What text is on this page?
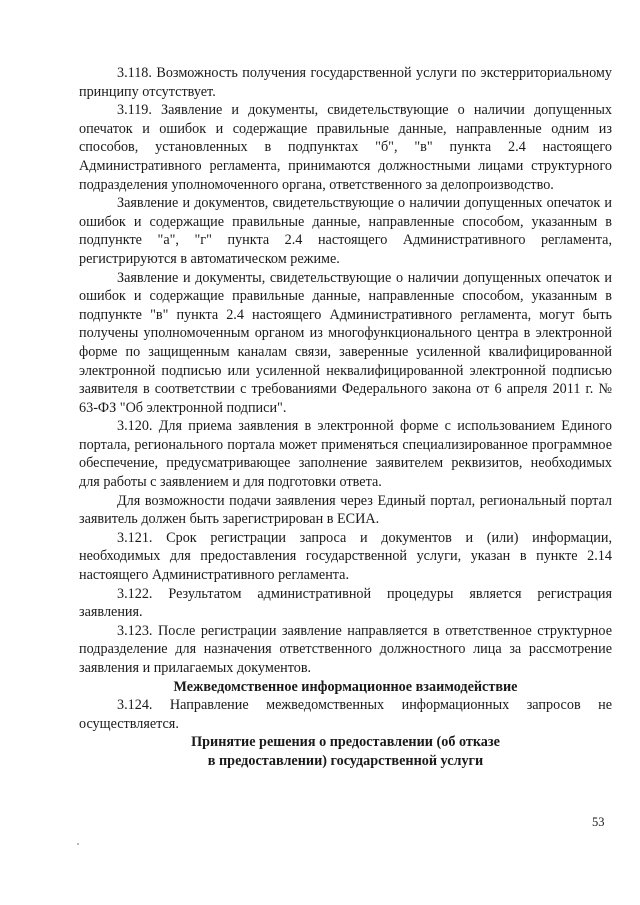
3.118. Возможность получения государственной услуги по экстерриториальному принципу отсутствует.

3.119. Заявление и документы, свидетельствующие о наличии допущенных опечаток и ошибок и содержащие правильные данные, направленные одним из способов, установленных в подпунктах "б", "в" пункта 2.4 настоящего Административного регламента, принимаются должностными лицами структурного подразделения уполномоченного органа, ответственного за делопроизводство.

Заявление и документов, свидетельствующие о наличии допущенных опечаток и ошибок и содержащие правильные данные, направленные способом, указанным в подпункте "а", "г" пункта 2.4 настоящего Административного регламента, регистрируются в автоматическом режиме.

Заявление и документы, свидетельствующие о наличии допущенных опечаток и ошибок и содержащие правильные данные, направленные способом, указанным в подпункте "в" пункта 2.4 настоящего Административного регламента, могут быть получены уполномоченным органом из многофункционального центра в электронной форме по защищенным каналам связи, заверенные усиленной квалифицированной электронной подписью или усиленной неквалифицированной электронной подписью заявителя в соответствии с требованиями Федерального закона от 6 апреля 2011 г. № 63-ФЗ "Об электронной подписи".

3.120. Для приема заявления в электронной форме с использованием Единого портала, регионального портала может применяться специализированное программное обеспечение, предусматривающее заполнение заявителем реквизитов, необходимых для работы с заявлением и для подготовки ответа.

Для возможности подачи заявления через Единый портал, региональный портал заявитель должен быть зарегистрирован в ЕСИА.

3.121. Срок регистрации запроса и документов и (или) информации, необходимых для предоставления государственной услуги, указан в пункте 2.14 настоящего Административного регламента.

3.122. Результатом административной процедуры является регистрация заявления.

3.123. После регистрации заявление направляется в ответственное структурное подразделение для назначения ответственного должностного лица за рассмотрение заявления и прилагаемых документов.

Межведомственное информационное взаимодействие

3.124. Направление межведомственных информационных запросов не осуществляется.

Принятие решения о предоставлении (об отказе
в предоставлении) государственной услуги
53
